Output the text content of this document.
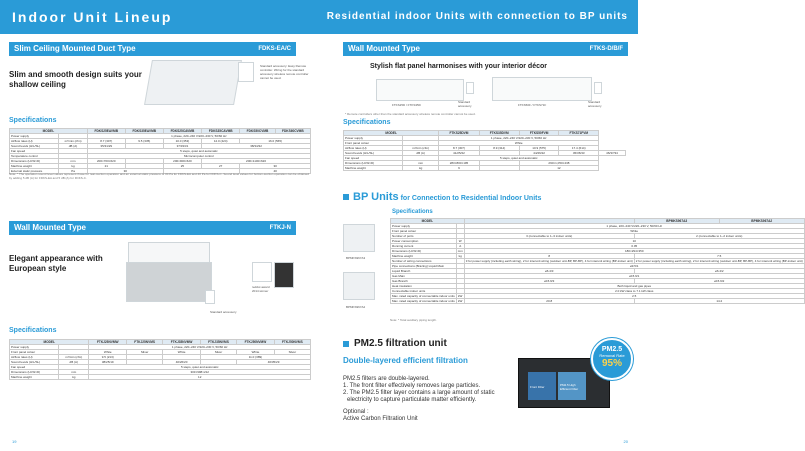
Indoor Unit Lineup	Residential indoor Units with connection to BP units
Slim Ceiling Mounted Duct Type	FDKS-EA/C
Slim and smooth design suits your shallow ceiling
Standard accessory: Easy Remote controller. Wiring for the standard accessory wireless remote controller cannot be used.
Specifications
MODEL		FDKS25EAVMB	FDKS35EAVMB	FDKS25CAVMB	FDKS35CAVMB	FDKS50CVMB	FDKS60CVMB
Power supply		1 phase, 220–240 V/220–230 V, 50/60 Hz					
Airflow rates (H)	m³/min (cfm)	8.7 (307)	9.5 (335)	10.0 (353)	12.0 (424)	16.0 (565)	
Sound levels (H/L/SL)	dB (A)	35/31/29		37/33/31	38/34/32		
Fan speed		5 steps, quiet and automatic					
Temperature control		Microcomputer control					
Dimensions (H×W×D)	mm	200×700×620		200×900×620	200×1100×620		
Machine weight	kg	21		25	27	30	
External static pressure	Pa	30				40	
Note: * The operation sound level values represent those for rear-suction operation and an external static pressure of 30 Pa for FDKS-EA and 40 Pa for FDKS-C. Sound level values for bottom-suction operation can be obtained by adding 5 dB (A) for FDKS-EA and 5 dB (A) for FDKS-C.
Wall Mounted Type	FTKJ-N
Elegant appearance with European style
Standard accessory
reddot award 2014 winner
Specifications
MODEL		FTKJ25NVMW	FTKJ25NVMS	FTKJ35NVMW	FTKJ35NVMS	FTKJ50NVMW	FTKJ50NVMS
Power supply		1 phase, 220–240 V/220–230 V, 50/60 Hz					
Front panel colour		White	Silver	White	Silver	White	Silver
Airflow rates (H)	m³/min (cfm)	9.5 (213)			11.0 (389)		
Sound levels (H/L/SL)	dB (A)	38/25/19		40/26/20		46/35/29	
Fan speed		5 steps, quiet and automatic					
Dimensions (H×W×D)	mm	303×998×212					
Machine weight	kg	12					
Wall Mounted Type	FTKS-D/B/F
Stylish flat panel harmonises with your interior décor
FTKS25D / FTKS35D
Standard accessory	FTKS50F / FTKS71F
Standard accessory
* Remote controllers other than the standard accessory wireless remote controller cannot be used.
Specifications
MODEL		FTKS25DVM	FTKS35DVM	FTKS50FVM	FTKS71FVM	
Power supply		1 phase, 220–240 V/220–230 V, 50/60 Hz				
Front panel colour		White				
Airflow rates (H)	m³/min (cfm)	8.7 (307)	8.9 (314)	10.9 (575)	17.4 (614)	
Sound levels (H/L/SL)	dB (A)	41/25/22		44/26/22	45/36/33	46/37/34
Fan speed		5 steps, quiet and automatic				
Dimensions (H×W×D)	mm	283×800×195		290×1,050×238		
Machine weight	kg	9		12		
BP Units for Connection to Residential Indoor Units
Specifications
BPMKS967A3
BPMKS967A2
MODEL			BPMKS967A3	BPMKS967A2
Power supply		1 phase, 220–240 V/220–230 V, 50/60 Hz		
Front panel colour		White		
Number of ports		3 (connectable to 1–3 indoor units)	2 (connectable to 1–2 indoor units)	
Power consumption	W	10		
Running current	A	0.05		
Dimensions (H×W×D)	mm	180×294×350		
Machine weight	kg	8	7.5	
Number of wiring connections		3 for power supply (including earth wiring), 2 for interunit wiring (outdoor unit-BP, BP-BP), 4 for interunit wiring (BP-indoor unit)	2 for power supply (including earth wiring), 2 for interunit wiring (outdoor unit-BP, BP-BP), 4 for interunit wiring (BP-indoor unit)	
Pipe connections (Brazing) Liquid Main		ø9.5/1		
Liquid Branch		ø6.4/3	ø6.4/2	
Gas Main		ø15.9/1		
Gas Branch		ø15.9/3	ø15.9/2	
Heat insulation		Both liquid and gas pipes		
Connectable indoor units		2.0 kW class to 7.1 kW class		
Max. rated capacity of connectable indoor units	kW	2.5		
Max. rated capacity of connectable indoor units	kW	20.8	14.2	
Note: * Total auxiliary piping length.
PM2.5 filtration unit
Double-layered efficient filtration
PM2.5 filters are double-layered.
1. The front filter effectively removes large particles.
2. The PM2.5 filter layer contains a large amount of static
electricity to capture particulate matter efficiently.
Optional :
Active Carbon Filtration Unit
Front Filter	PM2.5 High Efficient Filter
PM2.5
Removal Rate
95%
19	20
